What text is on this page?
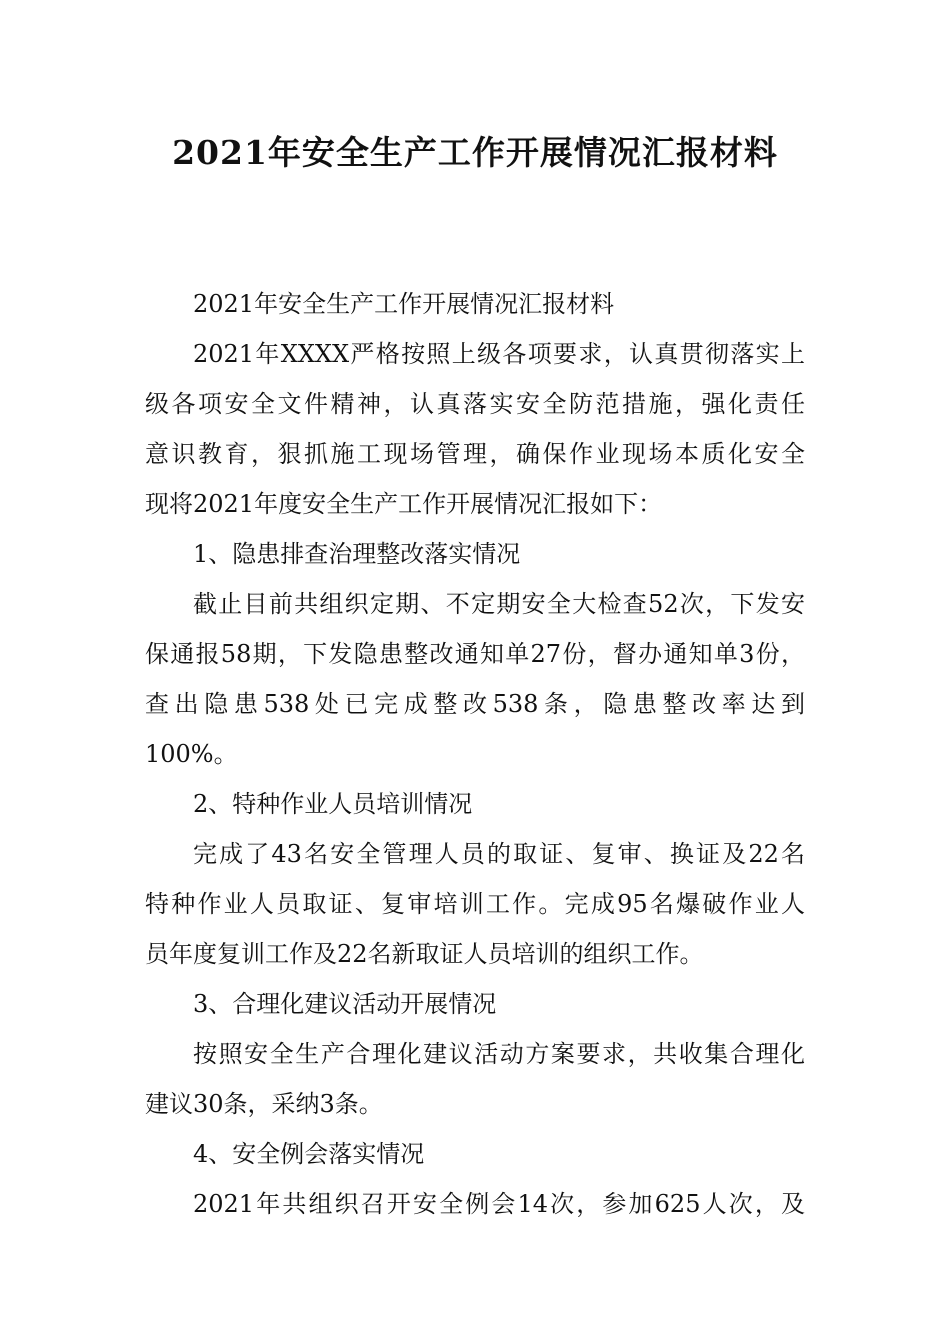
2021年安全生产工作开展情况汇报材料
2021年安全生产工作开展情况汇报材料
2021年XXXX严格按照上级各项要求，认真贯彻落实上
级各项安全文件精神，认真落实安全防范措施，强化责任
意识教育，狠抓施工现场管理，确保作业现场本质化安全
现将2021年度安全生产工作开展情况汇报如下：
1、隐患排查治理整改落实情况
截止目前共组织定期、不定期安全大检查52次，下发安
保通报58期，下发隐患整改通知单27份，督办通知单3份，
查出隐患538处已完成整改538条，隐患整改率达到
100%。
2、特种作业人员培训情况
完成了43名安全管理人员的取证、复审、换证及22名
特种作业人员取证、复审培训工作。完成95名爆破作业人
员年度复训工作及22名新取证人员培训的组织工作。
3、合理化建议活动开展情况
按照安全生产合理化建议活动方案要求，共收集合理化
建议30条，采纳3条。
4、安全例会落实情况
2021年共组织召开安全例会14次，参加625人次，及
